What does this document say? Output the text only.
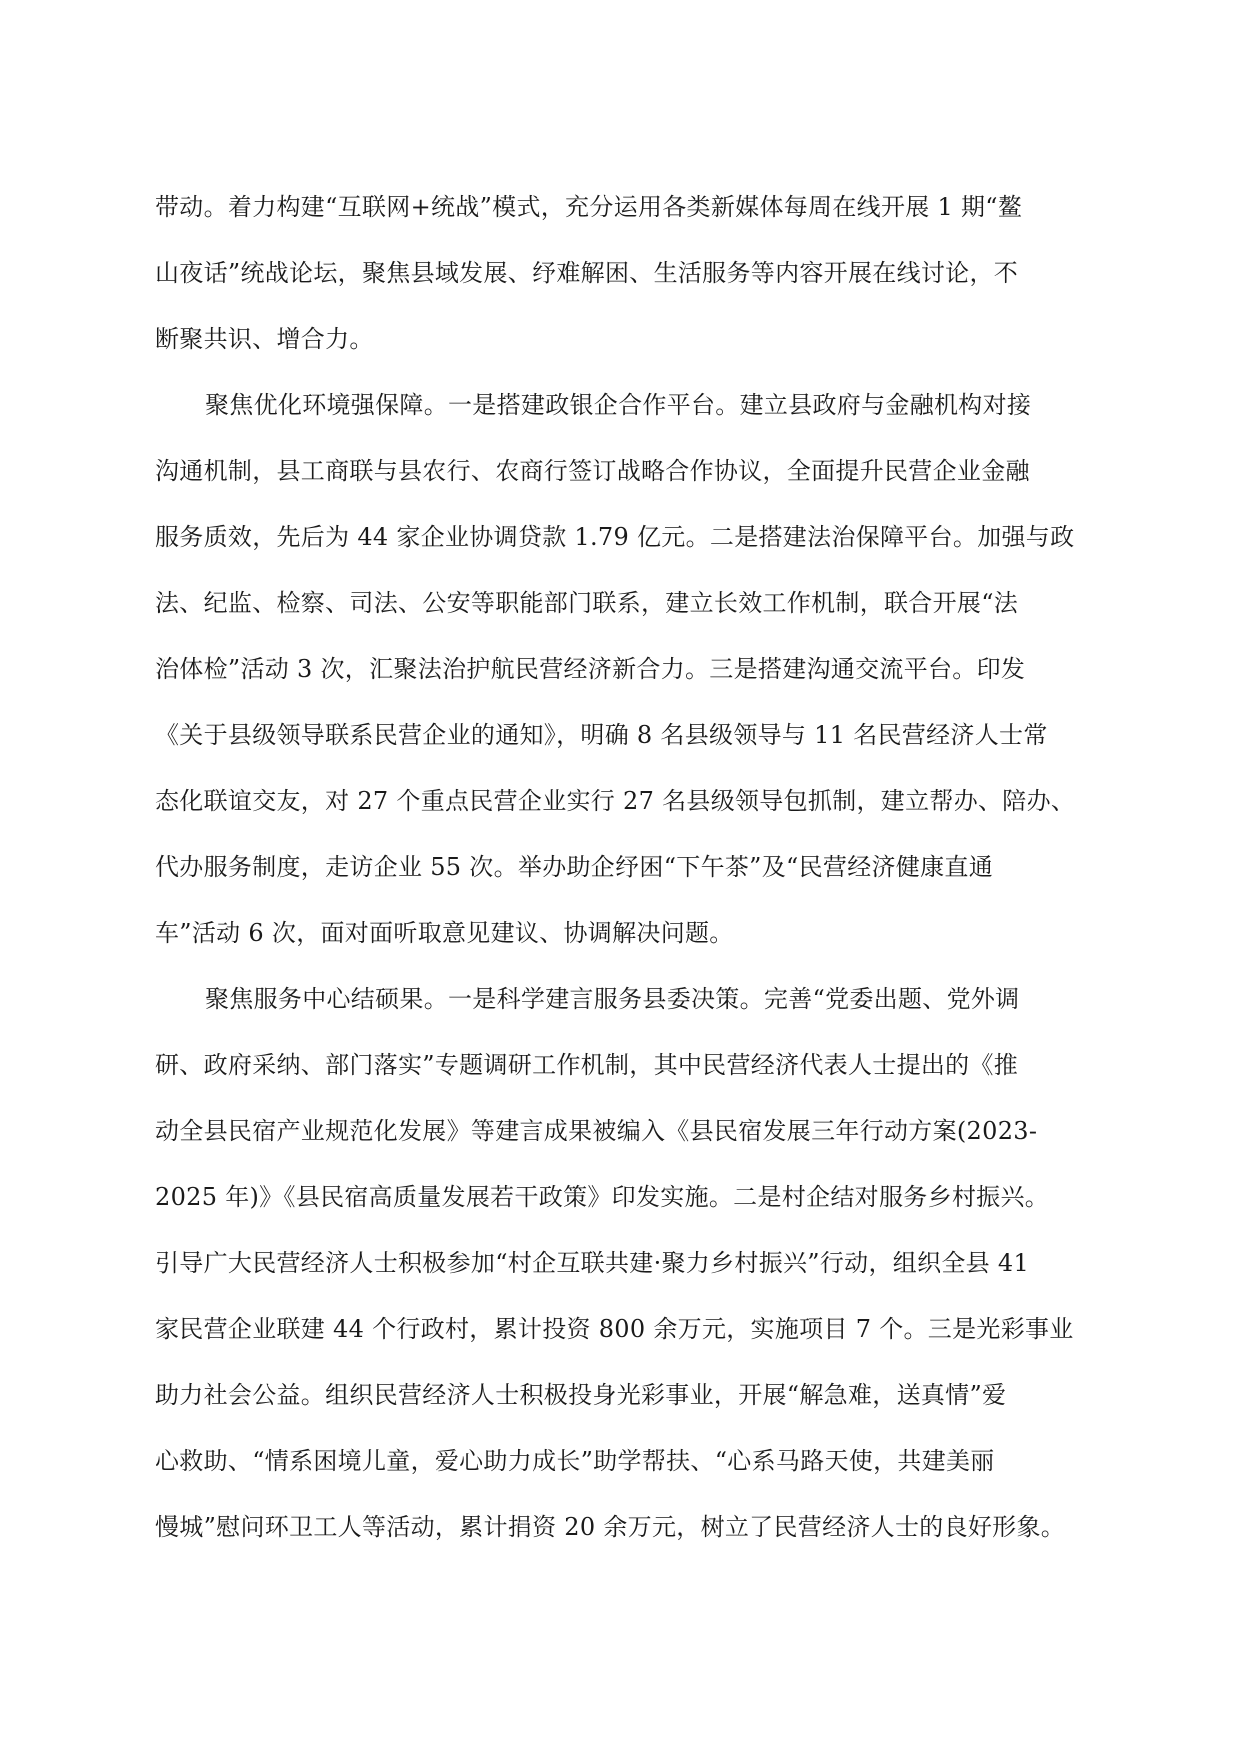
带动。着力构建“互联网+统战”模式，充分运用各类新媒体每周在线开展 1 期“鳌
山夜话”统战论坛，聚焦县域发展、纾难解困、生活服务等内容开展在线讨论，不
断聚共识、增合力。
聚焦优化环境强保障。一是搭建政银企合作平台。建立县政府与金融机构对接
沟通机制，县工商联与县农行、农商行签订战略合作协议，全面提升民营企业金融
服务质效，先后为 44 家企业协调贷款 1.79 亿元。二是搭建法治保障平台。加强与政
法、纪监、检察、司法、公安等职能部门联系，建立长效工作机制，联合开展“法
治体检”活动 3 次，汇聚法治护航民营经济新合力。三是搭建沟通交流平台。印发
《关于县级领导联系民营企业的通知》，明确 8 名县级领导与 11 名民营经济人士常
态化联谊交友，对 27 个重点民营企业实行 27 名县级领导包抓制，建立帮办、陪办、
代办服务制度，走访企业 55 次。举办助企纾困“下午茶”及“民营经济健康直通
车”活动 6 次，面对面听取意见建议、协调解决问题。
聚焦服务中心结硕果。一是科学建言服务县委决策。完善“党委出题、党外调
研、政府采纳、部门落实”专题调研工作机制，其中民营经济代表人士提出的《推
动全县民宿产业规范化发展》等建言成果被编入《县民宿发展三年行动方案(2023-
2025 年)》《县民宿高质量发展若干政策》印发实施。二是村企结对服务乡村振兴。
引导广大民营经济人士积极参加“村企互联共建·聚力乡村振兴”行动，组织全县 41
家民营企业联建 44 个行政村，累计投资 800 余万元，实施项目 7 个。三是光彩事业
助力社会公益。组织民营经济人士积极投身光彩事业，开展“解急难，送真情”爱
心救助、“情系困境儿童，爱心助力成长”助学帮扶、“心系马路天使，共建美丽
慢城”慰问环卫工人等活动，累计捐资 20 余万元，树立了民营经济人士的良好形象。
